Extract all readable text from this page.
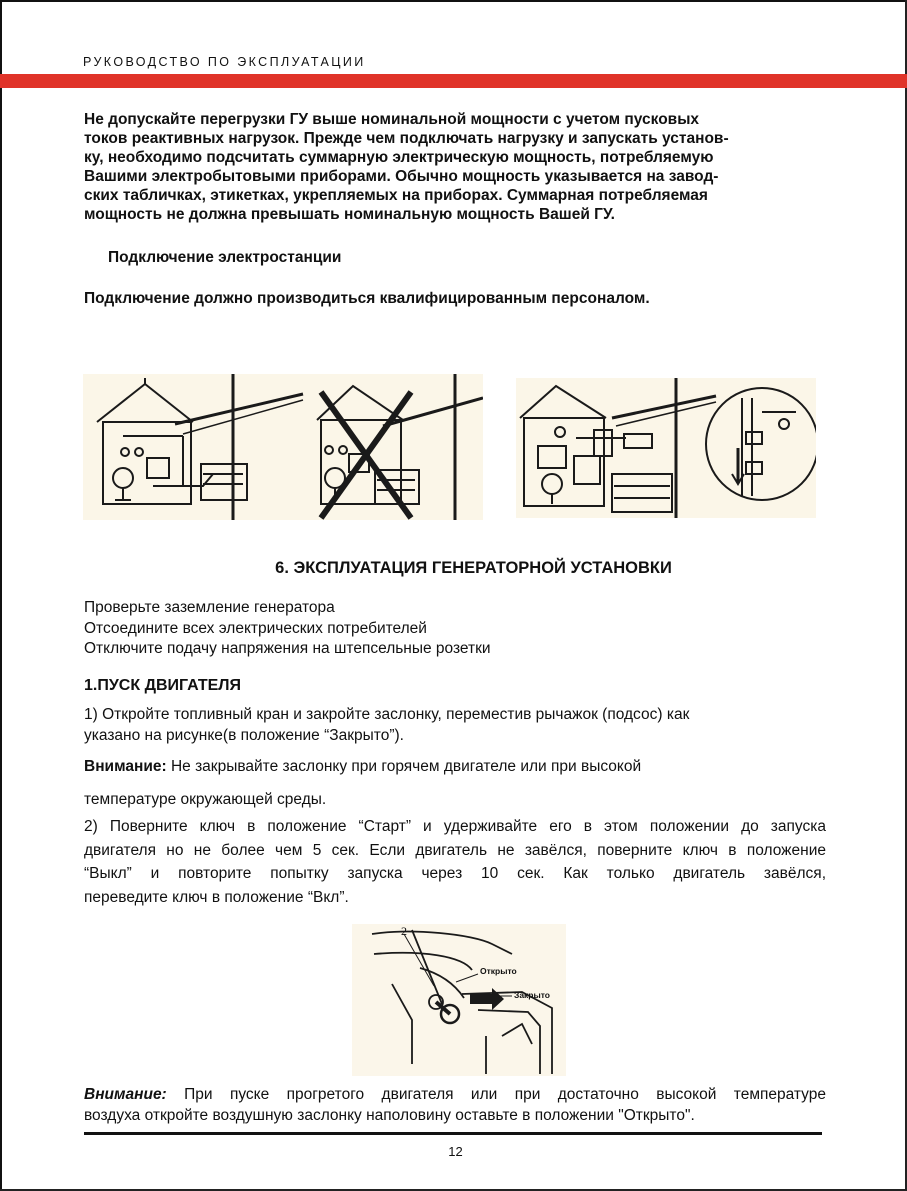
РУКОВОДСТВО ПО ЭКСПЛУАТАЦИИ
Не допускайте перегрузки ГУ выше номинальной мощности с учетом пусковых
токов реактивных нагрузок. Прежде чем подключать нагрузку и запускать установ-
ку, необходимо подсчитать суммарную электрическую мощность, потребляемую
Вашими электробытовыми приборами. Обычно мощность указывается на завод-
ских табличках, этикетках, укрепляемых на приборах. Суммарная потребляемая
мощность не должна превышать номинальную мощность Вашей ГУ.
Подключение электростанции
Подключение должно производиться квалифицированным персоналом.
6. ЭКСПЛУАТАЦИЯ ГЕНЕРАТОРНОЙ УСТАНОВКИ
Проверьте заземление генератора
Отсоедините всех электрических потребителей
Отключите подачу напряжения на штепсельные розетки
1.ПУСК ДВИГАТЕЛЯ
1) Откройте топливный кран и закройте заслонку, переместив рычажок (подсос) как
указано на рисунке(в положение “Закрыто”).
Внимание: Не закрывайте заслонку при горячем двигателе или при высокой
температуре окружающей среды.
2) Поверните ключ в положение “Старт” и удерживайте его в этом положении до запуска
двигателя но не более чем 5 сек. Если двигатель не завёлся, поверните ключ в положение
“Выкл” и повторите попытку запуска через 10 сек. Как только двигатель завёлся,
переведите ключ в положение “Вкл”.
2
Открыто
Закрыто
Внимание: При пуске прогретого двигателя или при достаточно высокой температуре
воздуха откройте воздушную заслонку наполовину оставьте в положении "Открыто".
12
